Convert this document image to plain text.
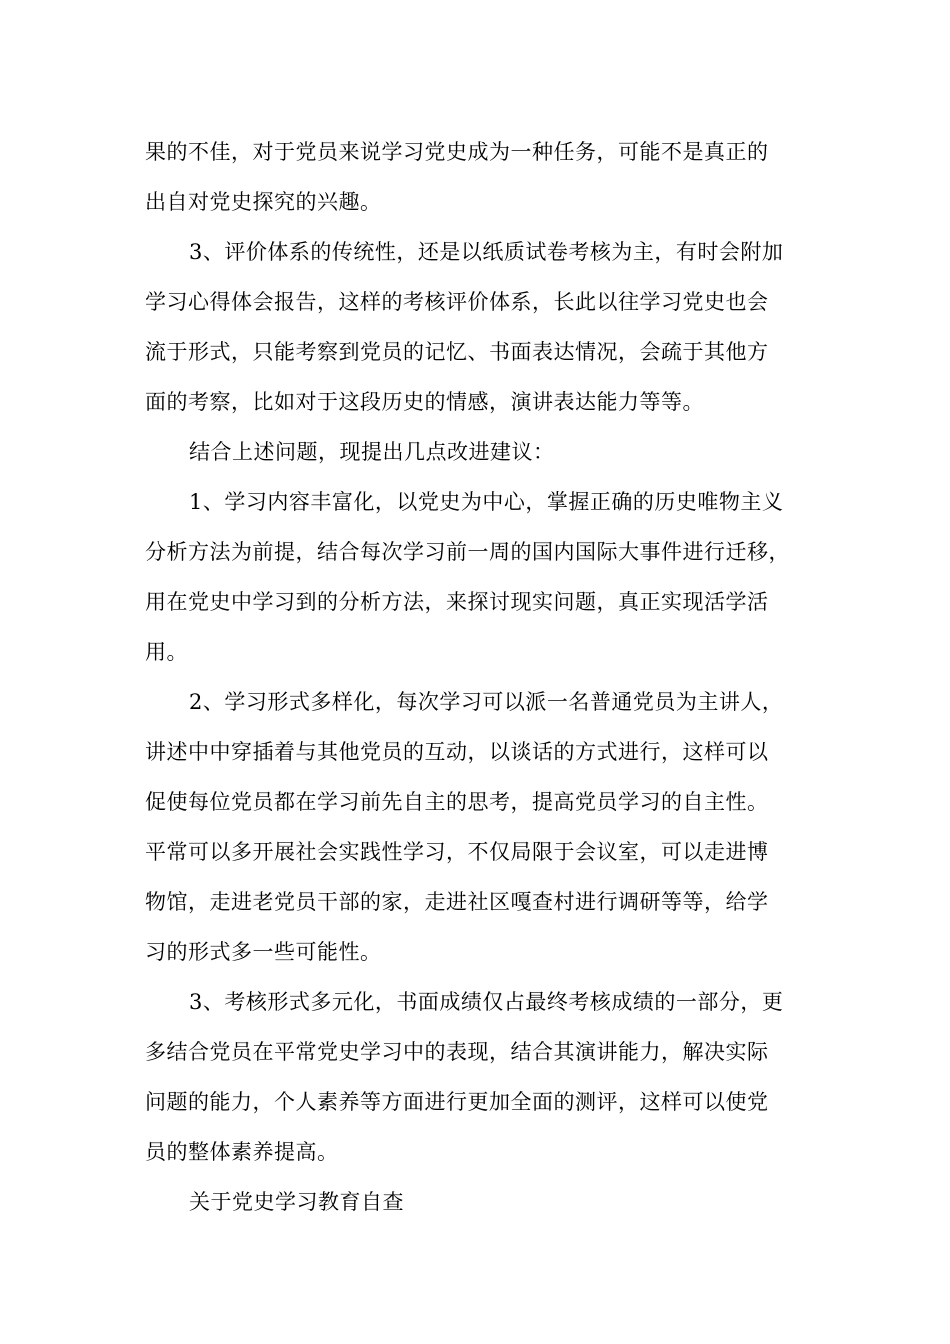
果的不佳，对于党员来说学习党史成为一种任务，可能不是真正的
出自对党史探究的兴趣。

3、评价体系的传统性，还是以纸质试卷考核为主，有时会附加
学习心得体会报告，这样的考核评价体系，长此以往学习党史也会
流于形式，只能考察到党员的记忆、书面表达情况，会疏于其他方
面的考察，比如对于这段历史的情感，演讲表达能力等等。

结合上述问题，现提出几点改进建议：

1、学习内容丰富化，以党史为中心，掌握正确的历史唯物主义
分析方法为前提，结合每次学习前一周的国内国际大事件进行迁移，
用在党史中学习到的分析方法，来探讨现实问题，真正实现活学活
用。

2、学习形式多样化，每次学习可以派一名普通党员为主讲人，
讲述中中穿插着与其他党员的互动，以谈话的方式进行，这样可以
促使每位党员都在学习前先自主的思考，提高党员学习的自主性。
平常可以多开展社会实践性学习，不仅局限于会议室，可以走进博
物馆，走进老党员干部的家，走进社区嘎查村进行调研等等，给学
习的形式多一些可能性。

3、考核形式多元化，书面成绩仅占最终考核成绩的一部分，更
多结合党员在平常党史学习中的表现，结合其演讲能力，解决实际
问题的能力，个人素养等方面进行更加全面的测评，这样可以使党
员的整体素养提高。

关于党史学习教育自查
